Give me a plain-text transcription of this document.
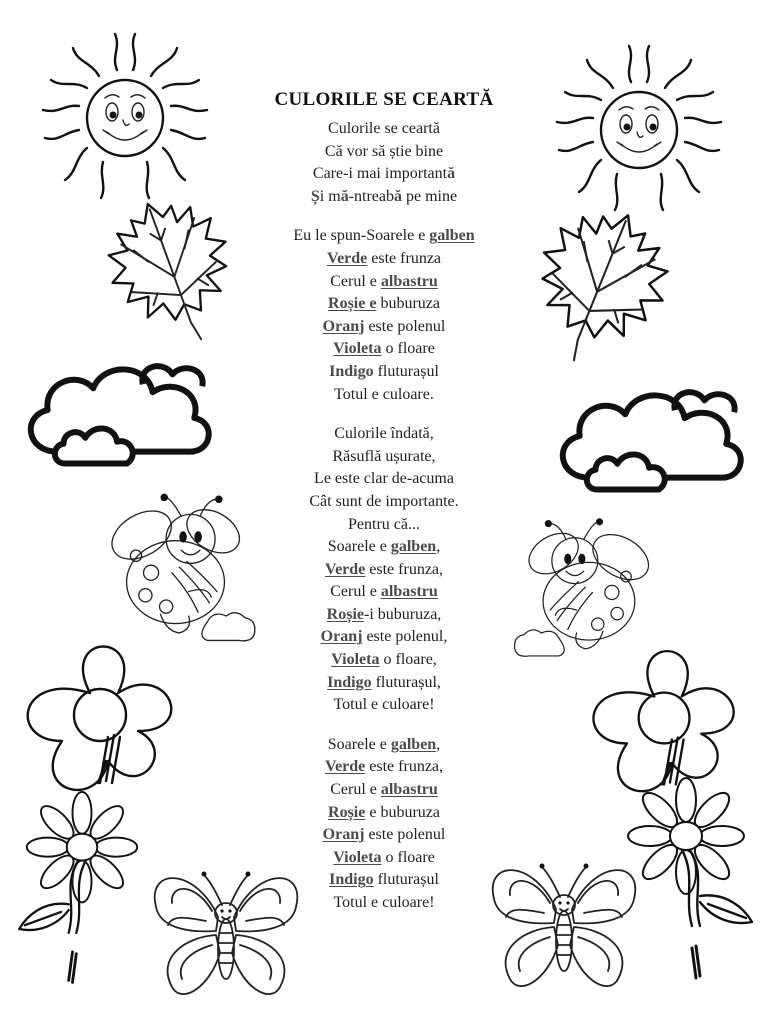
CULORILE SE CEARTĂ
Culorile se ceartă
Că vor să știe bine
Care-i mai importantă
Și mă-ntreabă pe mine
Eu le spun-Soarele e galben
Verde este frunza
Cerul e albastru
Roșie e buburuza
Oranj este polenul
Violeta o floare
Indigo fluturașul
Totul e culoare.
Culorile îndată,
Răsuflă ușurate,
Le este clar de-acuma
Cât sunt de importante.
Pentru că...
Soarele e galben,
Verde este frunza,
Cerul e albastru
Roșie-i buburuza,
Oranj este polenul,
Violeta o floare,
Indigo fluturașul,
Totul e culoare!
Soarele e galben,
Verde este frunza,
Cerul e albastru
Roșie e buburuza
Oranj este polenul
Violeta o floare
Indigo fluturașul
Totul e culoare!
